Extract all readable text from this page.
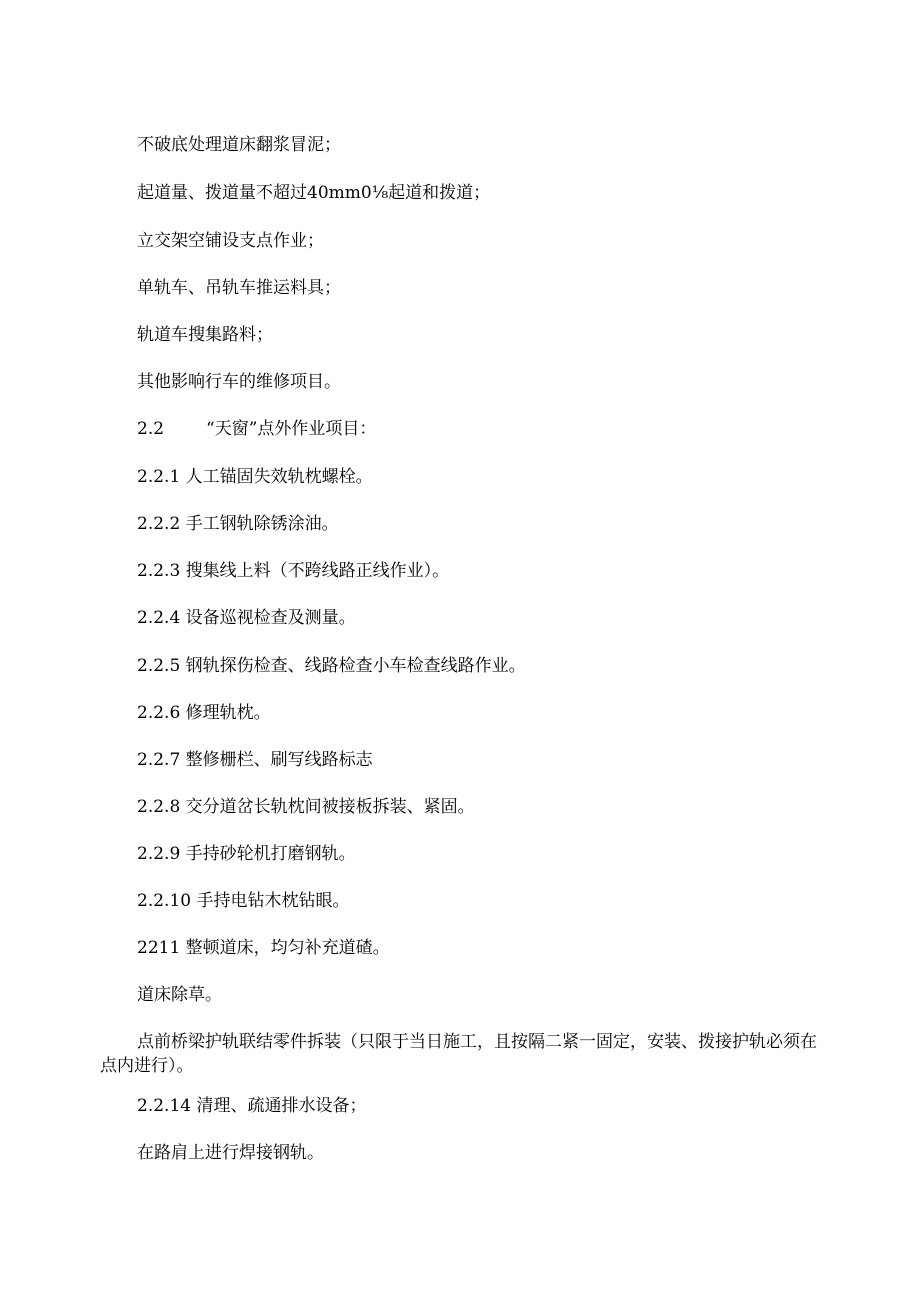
不破底处理道床翻浆冒泥；

起道量、拨道量不超过40mm0⅛起道和拨道；

立交架空铺设支点作业；

单轨车、吊轨车推运料具；

轨道车搜集路料；

其他影响行车的维修项目。

2.2 “天窗”点外作业项目：

2.2.1 人工锚固失效轨枕螺栓。

2.2.2 手工钢轨除锈涂油。

2.2.3 搜集线上料（不跨线路正线作业）。

2.2.4 设备巡视检查及测量。

2.2.5 钢轨探伤检查、线路检查小车检查线路作业。

2.2.6 修理轨枕。

2.2.7 整修栅栏、刷写线路标志

2.2.8 交分道岔长轨枕间被接板拆装、紧固。

2.2.9 手持砂轮机打磨钢轨。

2.2.10 手持电钻木枕钻眼。

2211 整顿道床，均匀补充道碴。

道床除草。

点前桥梁护轨联结零件拆装（只限于当日施工，且按隔二紧一固定，安装、拨接护轨必须在点内进行）。

2.2.14 清理、疏通排水设备；

在路肩上进行焊接钢轨。
